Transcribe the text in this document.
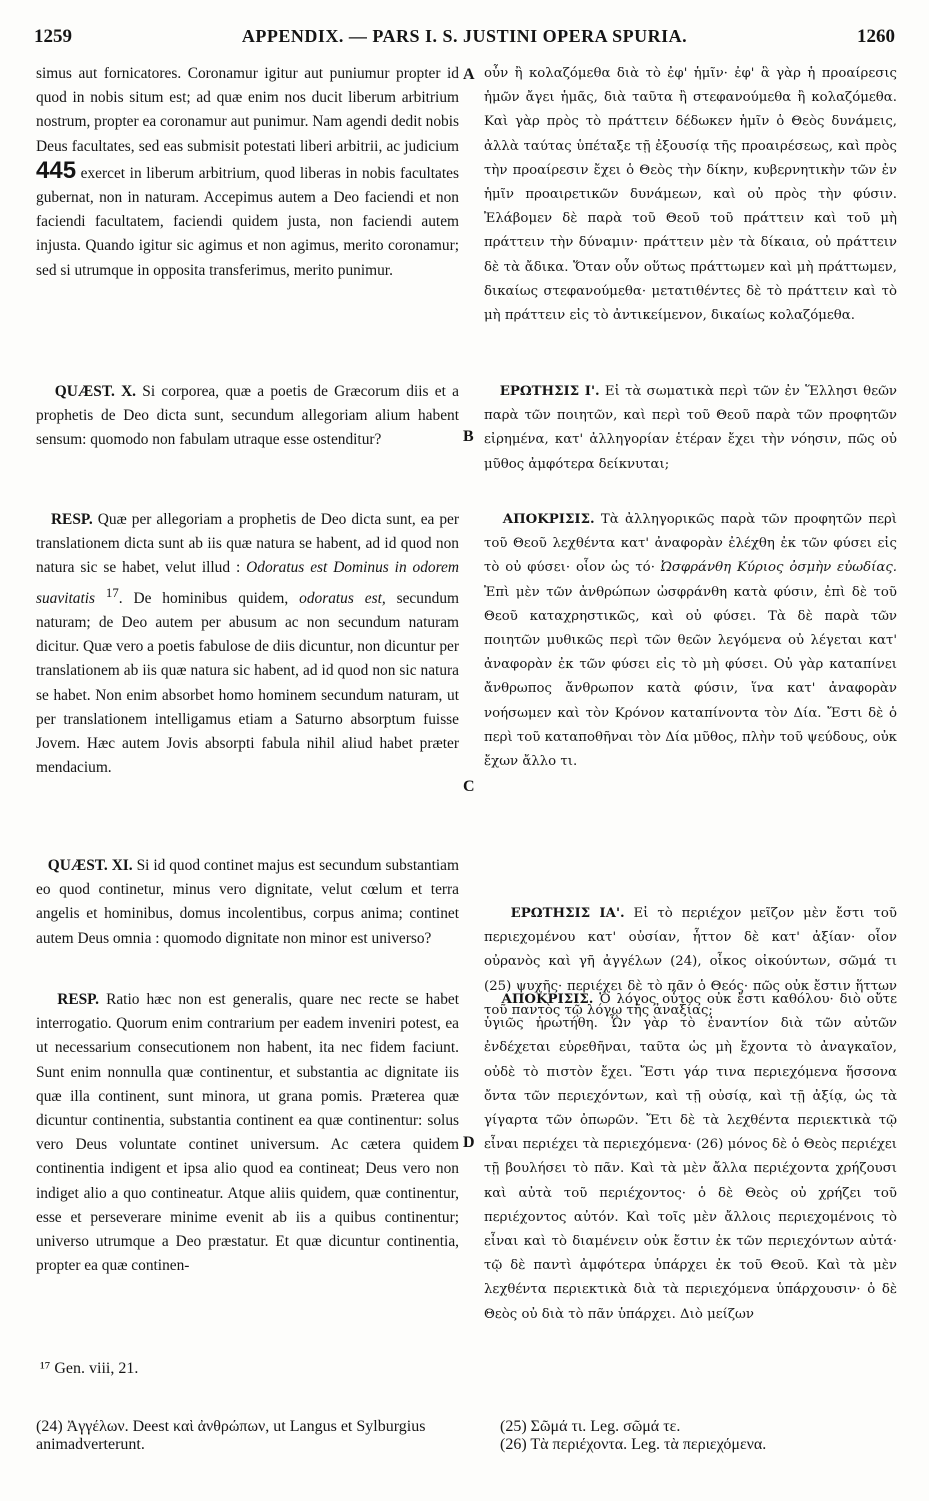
1259	APPENDIX. — PARS I. S. JUSTINI OPERA SPURIA.	1260
A
B
C
D

simus aut fornicatores. Coronamur igitur aut puniumur propter id quod in nobis situm est; ad quæ enim nos ducit liberum arbitrium nostrum, propter ea coronamur aut punimur. Nam agendi dedit nobis Deus facultates, sed eas submisit potestati liberi arbitrii, ac judicium 445 exercet in liberum arbitrium, quod liberas in nobis facultates gubernat, non in naturam. Accepimus autem a Deo faciendi et non faciendi facultatem, faciendi quidem justa, non faciendi autem injusta. Quando igitur sic agimus et non agimus, merito coronamur; sed si utrumque in opposita transferimus, merito punimur.

QUÆST. X. Si corporea, quæ a poetis de Græcorum diis et a prophetis de Deo dicta sunt, secundum allegoriam alium habent sensum: quomodo non fabulam utraque esse ostenditur?

RESP. Quæ per allegoriam a prophetis de Deo dicta sunt, ea per translationem dicta sunt ab iis quæ natura se habent, ad id quod non natura sic se habet, velut illud : Odoratus est Dominus in odorem suavitatis $^{17}$. De hominibus quidem, odoratus est, secundum naturam; de Deo autem per abusum ac non secundum naturam dicitur. Quæ vero a poetis fabulose de diis dicuntur, non dicuntur per translationem ab iis quæ natura sic habent, ad id quod non sic natura se habet. Non enim absorbet homo hominem secundum naturam, ut per translationem intelligamus etiam a Saturno absorptum fuisse Jovem. Hæc autem Jovis absorpti fabula nihil aliud habet præter mendacium.

QUÆST. XI. Si id quod continet majus est secundum substantiam eo quod continetur, minus vero dignitate, velut cœlum et terra angelis et hominibus, domus incolentibus, corpus anima; continet autem Deus omnia : quomodo dignitate non minor est universo?

RESP. Ratio hæc non est generalis, quare nec recte se habet interrogatio. Quorum enim contrarium per eadem inveniri potest, ea ut necessarium consecutionem non habent, ita nec fidem faciunt. Sunt enim nonnulla quæ continentur, et substantia ac dignitate iis quæ illa continent, sunt minora, ut grana pomis. Præterea quæ dicuntur continentia, substantia continent ea quæ continentur: solus vero Deus voluntate continet universum. Ac cætera quidem continentia indigent et ipsa alio quod ea contineat; Deus vero non indiget alio a quo contineatur. Atque aliis quidem, quæ continentur, esse et perseverare minime evenit ab iis a quibus continentur; universo utrumque a Deo præstatur. Et quæ dicuntur continentia, propter ea quæ continen-

οὖν ἢ κολαζόμεθα διὰ τὸ ἐφ' ἡμῖν· ἐφ' ἃ γὰρ ἡ προαίρεσις ἡμῶν ἄγει ἡμᾶς, διὰ ταῦτα ἢ στεφανούμεθα ἢ κολαζόμεθα. Καὶ γὰρ πρὸς τὸ πράττειν δέδωκεν ἡμῖν ὁ Θεὸς δυνάμεις, ἀλλὰ ταύτας ὑπέταξε τῇ ἐξουσίᾳ τῆς προαιρέσεως, καὶ πρὸς τὴν προαίρεσιν ἔχει ὁ Θεὸς τὴν δίκην, κυβερνητικὴν τῶν ἐν ἡμῖν προαιρετικῶν δυνάμεων, καὶ οὐ πρὸς τὴν φύσιν. Ἐλάβομεν δὲ παρὰ τοῦ Θεοῦ τοῦ πράττειν καὶ τοῦ μὴ πράττειν τὴν δύναμιν· πράττειν μὲν τὰ δίκαια, οὐ πράττειν δὲ τὰ ἄδικα. Ὅταν οὖν οὕτως πράττωμεν καὶ μὴ πράττωμεν, δικαίως στεφανούμεθα· μετατιθέντες δὲ τὸ πράττειν καὶ τὸ μὴ πράττειν εἰς τὸ ἀντικείμενον, δικαίως κολαζόμεθα.

ΕΡΩΤΗΣΙΣ Ι'. Εἰ τὰ σωματικὰ περὶ τῶν ἐν Ἕλλησι θεῶν παρὰ τῶν ποιητῶν, καὶ περὶ τοῦ Θεοῦ παρὰ τῶν προφητῶν εἰρημένα, κατ' ἀλληγορίαν ἑτέραν ἔχει τὴν νόησιν, πῶς οὐ μῦθος ἀμφότερα δείκνυται;

ΑΠΟΚΡΙΣΙΣ. Τὰ ἀλληγορικῶς παρὰ τῶν προφητῶν περὶ τοῦ Θεοῦ λεχθέντα κατ' ἀναφορὰν ἐλέχθη ἐκ τῶν φύσει εἰς τὸ οὐ φύσει· οἷον ὡς τό· Ὠσφράνθη Κύριος ὀσμὴν εὐωδίας. Ἐπὶ μὲν τῶν ἀνθρώπων ὠσφράνθη κατὰ φύσιν, ἐπὶ δὲ τοῦ Θεοῦ καταχρηστικῶς, καὶ οὐ φύσει. Τὰ δὲ παρὰ τῶν ποιητῶν μυθικῶς περὶ τῶν θεῶν λεγόμενα οὐ λέγεται κατ' ἀναφορὰν ἐκ τῶν φύσει εἰς τὸ μὴ φύσει. Οὐ γὰρ καταπίνει ἄνθρωπος ἄνθρωπον κατὰ φύσιν, ἵνα κατ' ἀναφορὰν νοήσωμεν καὶ τὸν Κρόνον καταπίνοντα τὸν Δία. Ἔστι δὲ ὁ περὶ τοῦ καταποθῆναι τὸν Δία μῦθος, πλὴν τοῦ ψεύδους, οὐκ ἔχων ἄλλο τι.

ΕΡΩΤΗΣΙΣ ΙΑ'. Εἰ τὸ περιέχον μεῖζον μὲν ἔστι τοῦ περιεχομένου κατ' οὐσίαν, ἧττον δὲ κατ' ἀξίαν· οἷον οὐρανὸς καὶ γῆ ἀγγέλων (24), οἶκος οἰκούντων, σῶμά τι (25) ψυχῆς· περιέχει δὲ τὸ πᾶν ὁ Θεός· πῶς οὐκ ἔστιν ἥττων τοῦ παντὸς τῷ λόγῳ τῆς ἀναξίας;

ΑΠΟΚΡΙΣΙΣ. Ὁ λόγος οὗτος οὐκ ἔστι καθόλου· διὸ οὔτε ὑγιῶς ἠρωτήθη. Ὧν γὰρ τὸ ἐναντίον διὰ τῶν αὐτῶν ἐνδέχεται εὑρεθῆναι, ταῦτα ὡς μὴ ἔχοντα τὸ ἀναγκαῖον, οὐδὲ τὸ πιστὸν ἔχει. Ἔστι γάρ τινα περιεχόμενα ἥσσονα ὄντα τῶν περιεχόντων, καὶ τῇ οὐσίᾳ, καὶ τῇ ἀξίᾳ, ὡς τὰ γίγαρτα τῶν ὀπωρῶν. Ἔτι δὲ τὰ λεχθέντα περιεκτικὰ τῷ εἶναι περιέχει τὰ περιεχόμενα· (26) μόνος δὲ ὁ Θεὸς περιέχει τῇ βουλήσει τὸ πᾶν. Καὶ τὰ μὲν ἄλλα περιέχοντα χρήζουσι καὶ αὐτὰ τοῦ περιέχοντος· ὁ δὲ Θεὸς οὐ χρήζει τοῦ περιέχοντος αὐτόν. Καὶ τοῖς μὲν ἄλλοις περιεχομένοις τὸ εἶναι καὶ τὸ διαμένειν οὐκ ἔστιν ἐκ τῶν περιεχόντων αὐτά· τῷ δὲ παντὶ ἀμφότερα ὑπάρχει ἐκ τοῦ Θεοῦ. Καὶ τὰ μὲν λεχθέντα περιεκτικὰ διὰ τὰ περιεχόμενα ὑπάρχουσιν· ὁ δὲ Θεὸς οὐ διὰ τὸ πᾶν ὑπάρχει. Διὸ μείζων

¹⁷ Gen. viii, 21.
(24) Ἀγγέλων. Deest καὶ ἀνθρώπων, ut Langus et Sylburgius animadverterunt.
(25) Σῶμά τι. Leg. σῶμά τε.
(26) Τὰ περιέχοντα. Leg. τὰ περιεχόμενα.
